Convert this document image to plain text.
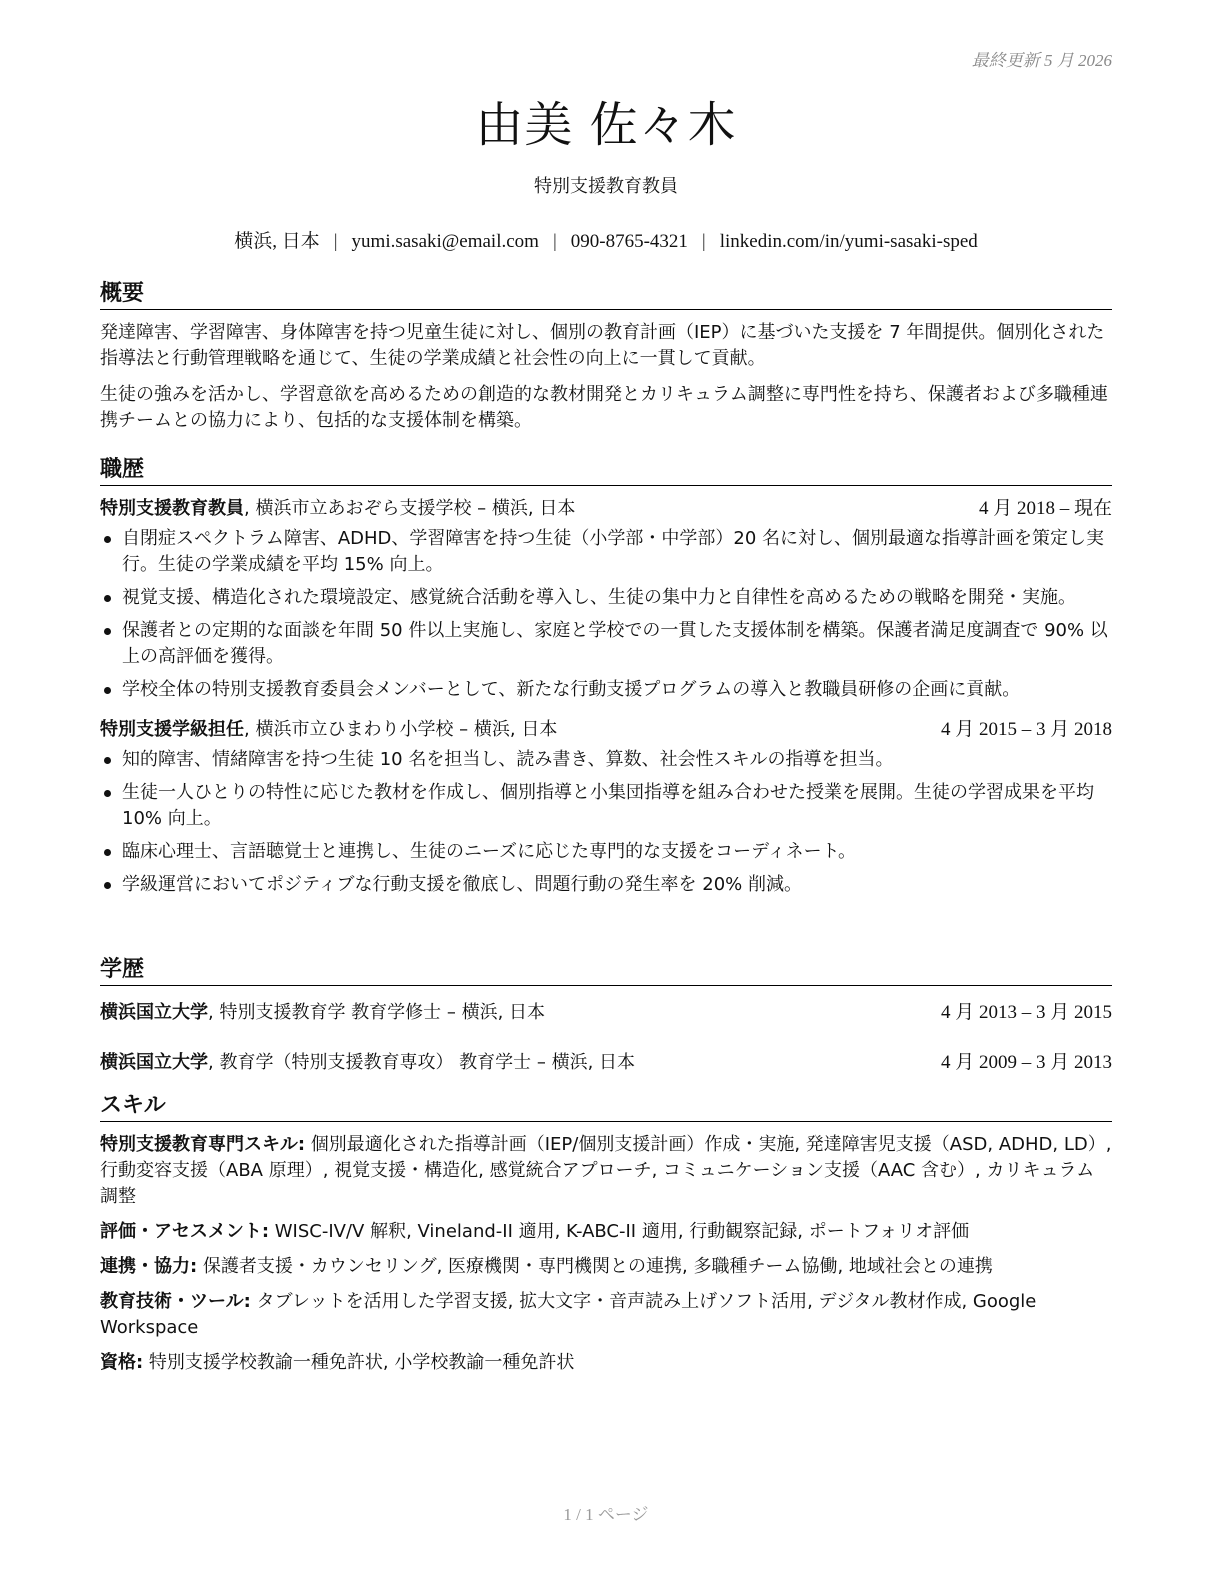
最終更新 5 月 2026
由美 佐々木
特別支援教育教員
横浜, 日本 | yumi.sasaki@email.com | 090-8765-4321 | linkedin.com/in/yumi-sasaki-sped
概要

発達障害、学習障害、身体障害を持つ児童生徒に対し、個別の教育計画（IEP）に基づいた支援を 7 年間提供。個別化された指導法と行動管理戦略を通じて、生徒の学業成績と社会性の向上に一貫して貢献。

生徒の強みを活かし、学習意欲を高めるための創造的な教材開発とカリキュラム調整に専門性を持ち、保護者および多職種連携チームとの協力により、包括的な支援体制を構築。

職歴
特別支援教育教員, 横浜市立あおぞら支援学校 – 横浜, 日本	4 月 2018 – 現在
自閉症スペクトラム障害、ADHD、学習障害を持つ生徒（小学部・中学部）20 名に対し、個別最適な指導計画を策定し実行。生徒の学業成績を平均 15% 向上。
視覚支援、構造化された環境設定、感覚統合活動を導入し、生徒の集中力と自律性を高めるための戦略を開発・実施。
保護者との定期的な面談を年間 50 件以上実施し、家庭と学校での一貫した支援体制を構築。保護者満足度調査で 90% 以上の高評価を獲得。
学校全体の特別支援教育委員会メンバーとして、新たな行動支援プログラムの導入と教職員研修の企画に貢献。
特別支援学級担任, 横浜市立ひまわり小学校 – 横浜, 日本	4 月 2015 – 3 月 2018
知的障害、情緒障害を持つ生徒 10 名を担当し、読み書き、算数、社会性スキルの指導を担当。
生徒一人ひとりの特性に応じた教材を作成し、個別指導と小集団指導を組み合わせた授業を展開。生徒の学習成果を平均 10% 向上。
臨床心理士、言語聴覚士と連携し、生徒のニーズに応じた専門的な支援をコーディネート。
学級運営においてポジティブな行動支援を徹底し、問題行動の発生率を 20% 削減。
学歴
横浜国立大学, 特別支援教育学 教育学修士 – 横浜, 日本	4 月 2013 – 3 月 2015
横浜国立大学, 教育学（特別支援教育専攻） 教育学士 – 横浜, 日本	4 月 2009 – 3 月 2013
スキル
特別支援教育専門スキル: 個別最適化された指導計画（IEP/個別支援計画）作成・実施, 発達障害児支援（ASD, ADHD, LD）, 行動変容支援（ABA 原理）, 視覚支援・構造化, 感覚統合アプローチ, コミュニケーション支援（AAC 含む）, カリキュラム調整
評価・アセスメント: WISC-IV/V 解釈, Vineland-II 適用, K-ABC-II 適用, 行動観察記録, ポートフォリオ評価
連携・協力: 保護者支援・カウンセリング, 医療機関・専門機関との連携, 多職種チーム協働, 地域社会との連携
教育技術・ツール: タブレットを活用した学習支援, 拡大文字・音声読み上げソフト活用, デジタル教材作成, Google Workspace
資格: 特別支援学校教諭一種免許状, 小学校教諭一種免許状
1 / 1 ページ
